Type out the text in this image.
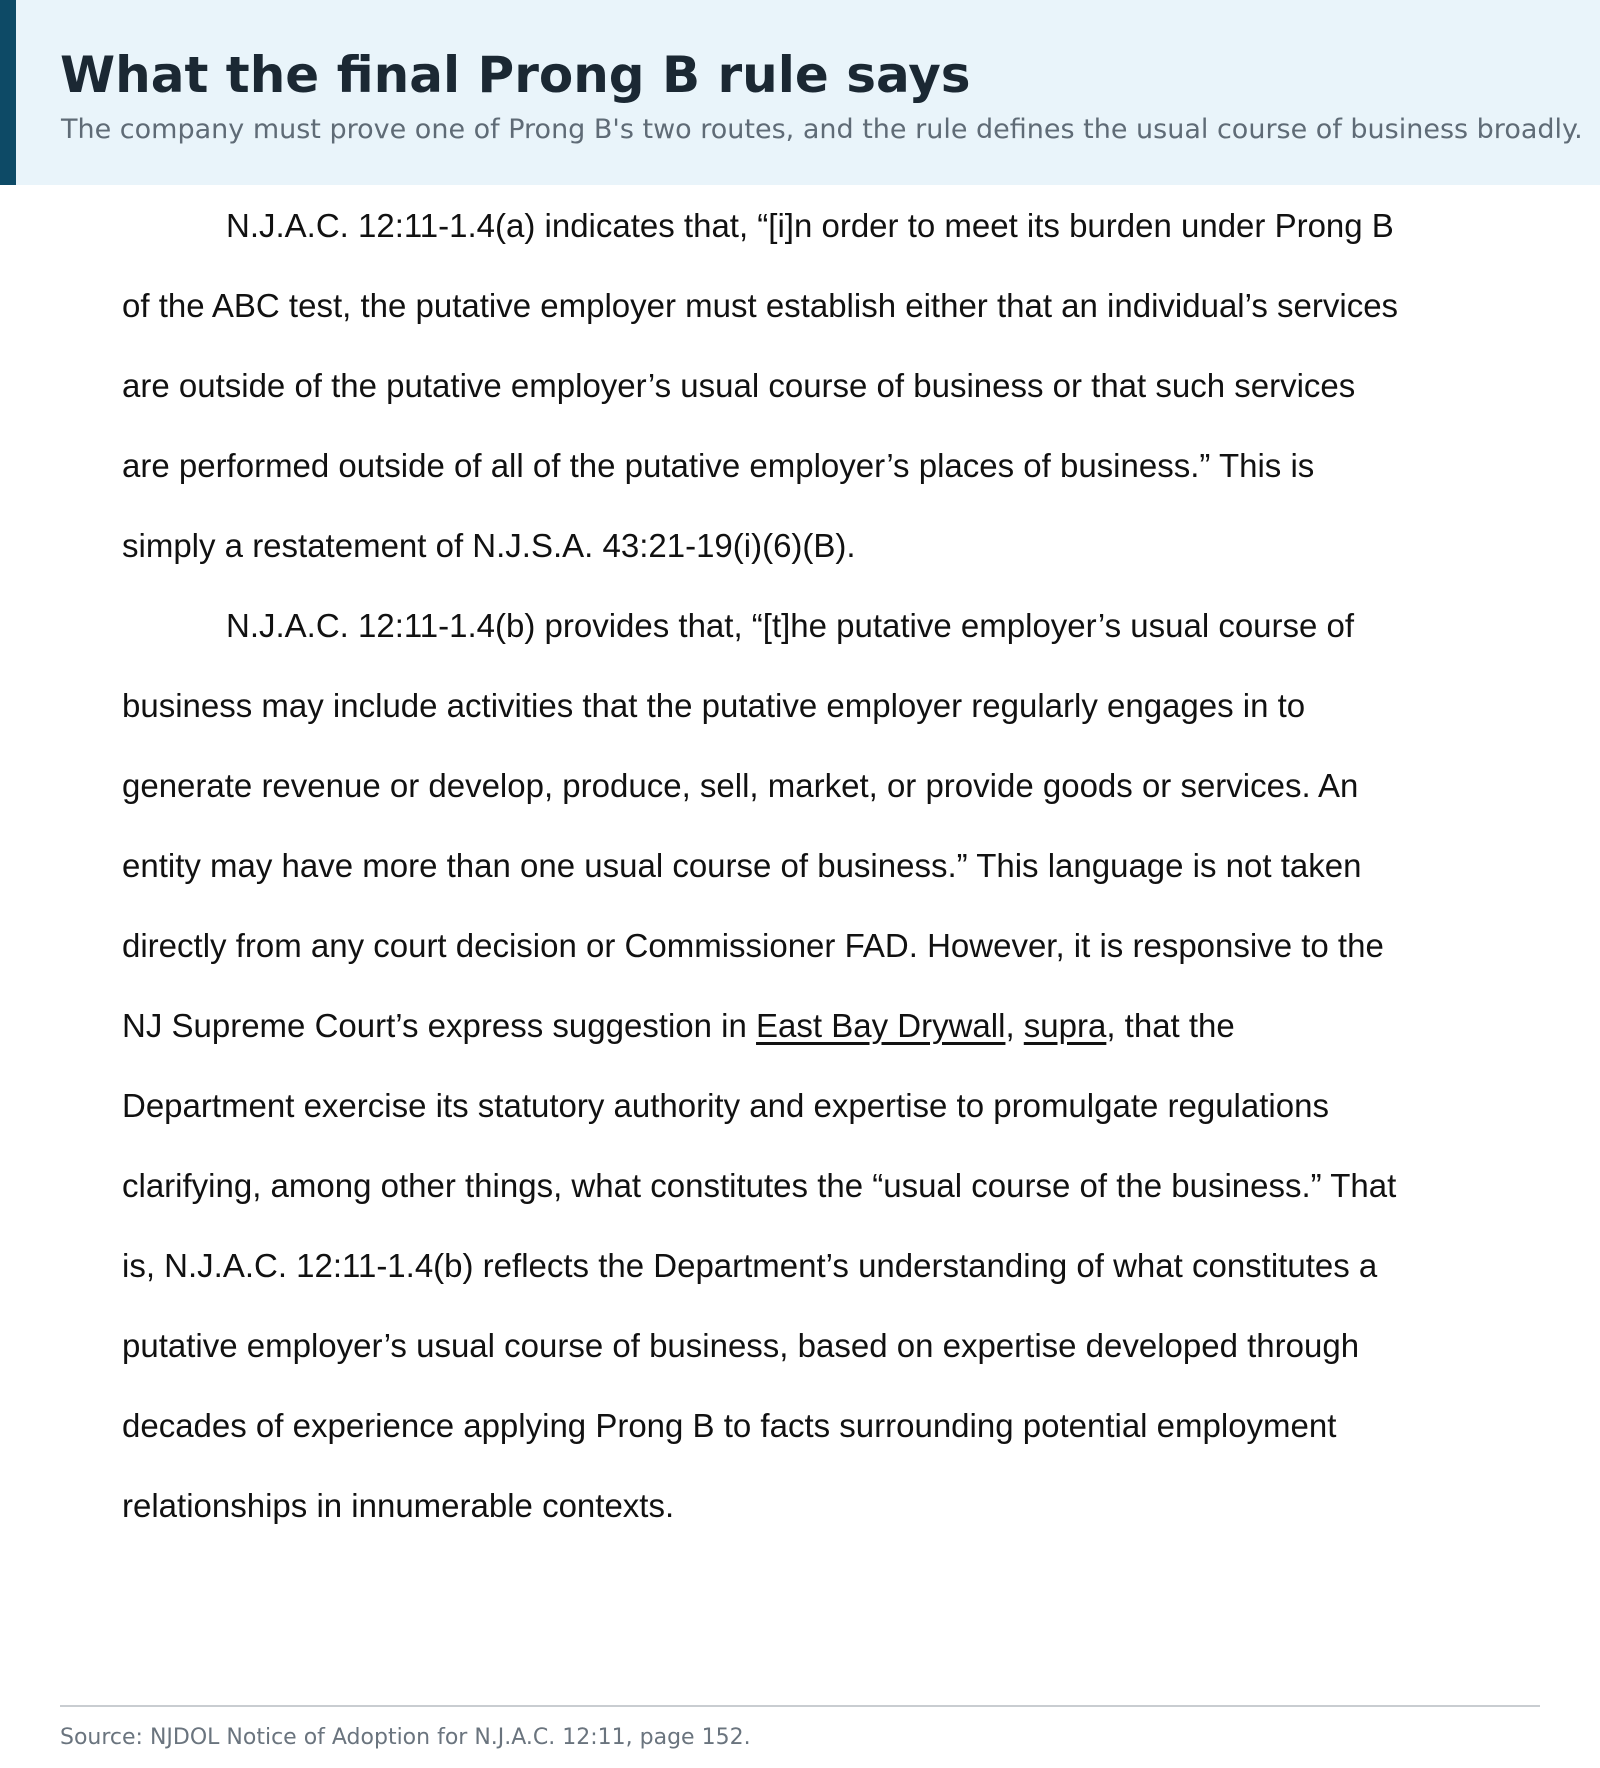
What the final Prong B rule says

The company must prove one of Prong B's two routes, and the rule defines the usual course of business broadly.

N.J.A.C. 12:11-1.4(a) indicates that, “[i]n order to meet its burden under Prong B
of the ABC test, the putative employer must establish either that an individual’s services
are outside of the putative employer’s usual course of business or that such services
are performed outside of all of the putative employer’s places of business.” This is
simply a restatement of N.J.S.A. 43:21-19(i)(6)(B).
N.J.A.C. 12:11-1.4(b) provides that, “[t]he putative employer’s usual course of
business may include activities that the putative employer regularly engages in to
generate revenue or develop, produce, sell, market, or provide goods or services. An
entity may have more than one usual course of business.” This language is not taken
directly from any court decision or Commissioner FAD. However, it is responsive to the
NJ Supreme Court’s express suggestion in East Bay Drywall, supra, that the
Department exercise its statutory authority and expertise to promulgate regulations
clarifying, among other things, what constitutes the “usual course of the business.” That
is, N.J.A.C. 12:11-1.4(b) reflects the Department’s understanding of what constitutes a
putative employer’s usual course of business, based on expertise developed through
decades of experience applying Prong B to facts surrounding potential employment
relationships in innumerable contexts.

Source: NJDOL Notice of Adoption for N.J.A.C. 12:11, page 152.
